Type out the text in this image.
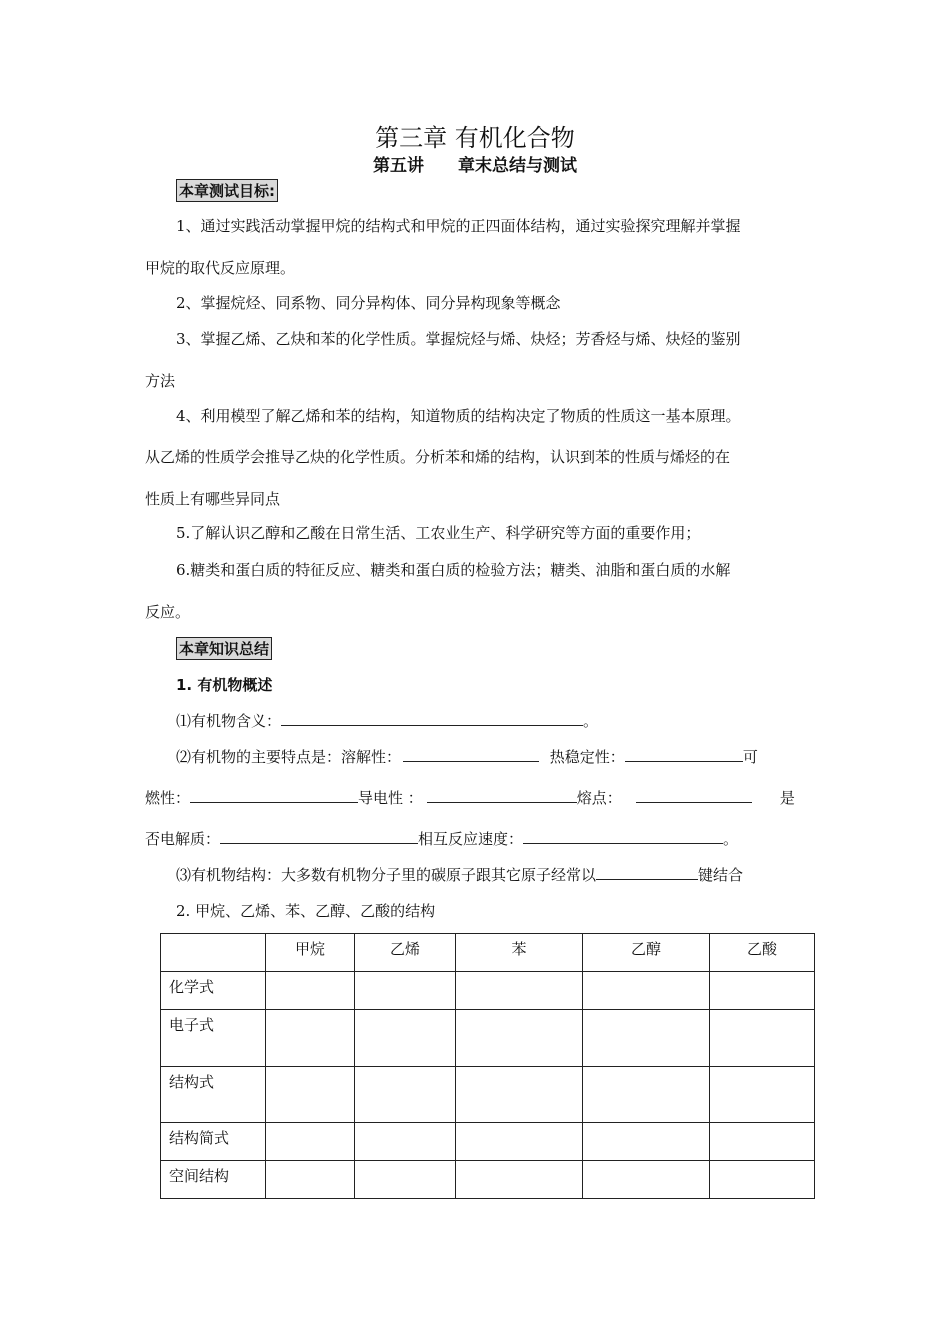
第三章 有机化合物
第五讲　　章末总结与测试
本章测试目标:
1、通过实践活动掌握甲烷的结构式和甲烷的正四面体结构，通过实验探究理解并掌握
甲烷的取代反应原理。
2、掌握烷烃、同系物、同分异构体、同分异构现象等概念
3、掌握乙烯、乙炔和苯的化学性质。掌握烷烃与烯、炔烃；芳香烃与烯、炔烃的鉴别
方法
4、利用模型了解乙烯和苯的结构，知道物质的结构决定了物质的性质这一基本原理。
从乙烯的性质学会推导乙炔的化学性质。分析苯和烯的结构，认识到苯的性质与烯烃的在
性质上有哪些异同点
5.了解认识乙醇和乙酸在日常生活、工农业生产、科学研究等方面的重要作用；
6.糖类和蛋白质的特征反应、糖类和蛋白质的检验方法；糖类、油脂和蛋白质的水解
反应。
本章知识总结
1. 有机物概述
⑴有机物含义：	。
⑵有机物的主要特点是：溶解性：	热稳定性：	可
燃性：	导电性 ：	熔点：	是
否电解质：	相互反应速度：	。
⑶有机物结构：大多数有机物分子里的碳原子跟其它原子经常以	键结合
2. 甲烷、乙烯、苯、乙醇、乙酸的结构
	甲烷	乙烯	苯	乙醇	乙酸
化学式					
电子式					
结构式					
结构简式					
空间结构					
